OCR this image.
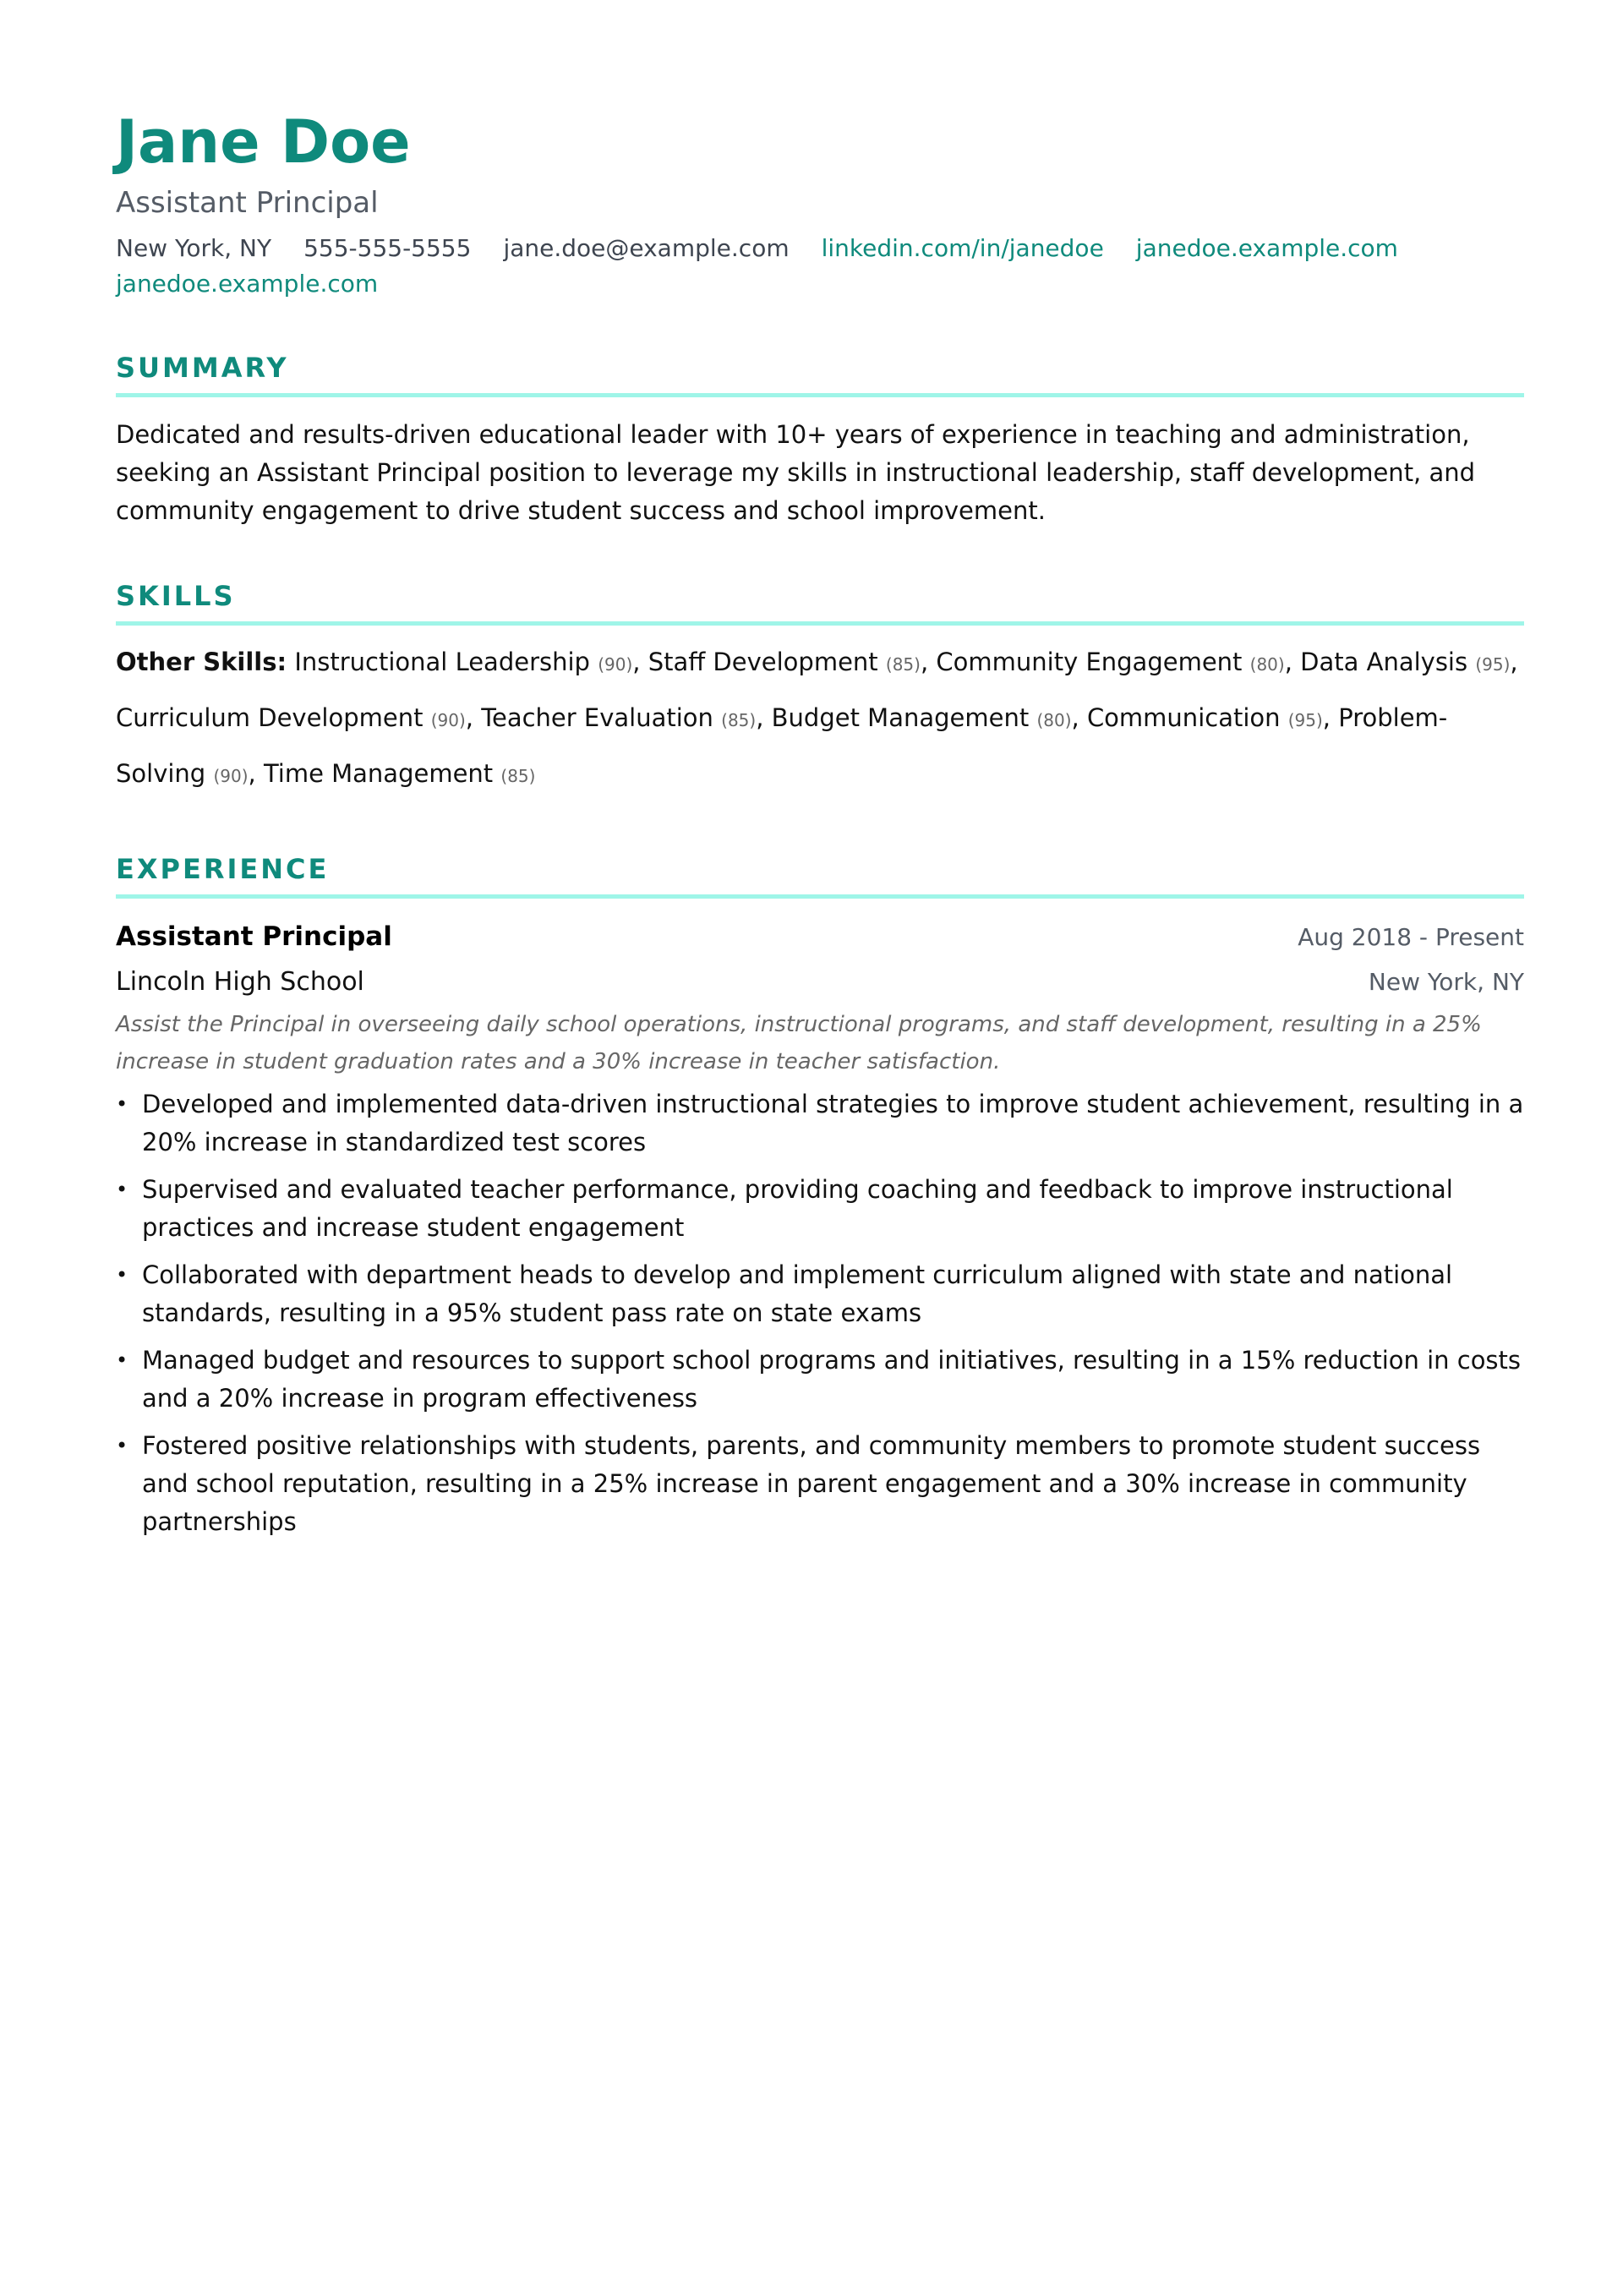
Jane Doe
Assistant Principal
New York, NY 555-555-5555 jane.doe@example.com linkedin.com/in/janedoe janedoe.example.com
janedoe.example.com
SUMMARY

Dedicated and results-driven educational leader with 10+ years of experience in teaching and administration, seeking an Assistant Principal position to leverage my skills in instructional leadership, staff development, and community engagement to drive student success and school improvement.

SKILLS
Other Skills: Instructional Leadership (90), Staff Development (85), Community Engagement (80), Data Analysis (95), Curriculum Development (90), Teacher Evaluation (85), Budget Management (80), Communication (95), Problem-Solving (90), Time Management (85)
EXPERIENCE
Assistant Principal	Aug 2018 - Present
Lincoln High School	New York, NY
Assist the Principal in overseeing daily school operations, instructional programs, and staff development, resulting in a 25% increase in student graduation rates and a 30% increase in teacher satisfaction.
• Developed and implemented data-driven instructional strategies to improve student achievement, resulting in a 20% increase in standardized test scores
• Supervised and evaluated teacher performance, providing coaching and feedback to improve instructional practices and increase student engagement
• Collaborated with department heads to develop and implement curriculum aligned with state and national standards, resulting in a 95% student pass rate on state exams
• Managed budget and resources to support school programs and initiatives, resulting in a 15% reduction in costs and a 20% increase in program effectiveness
• Fostered positive relationships with students, parents, and community members to promote student success and school reputation, resulting in a 25% increase in parent engagement and a 30% increase in community partnerships
